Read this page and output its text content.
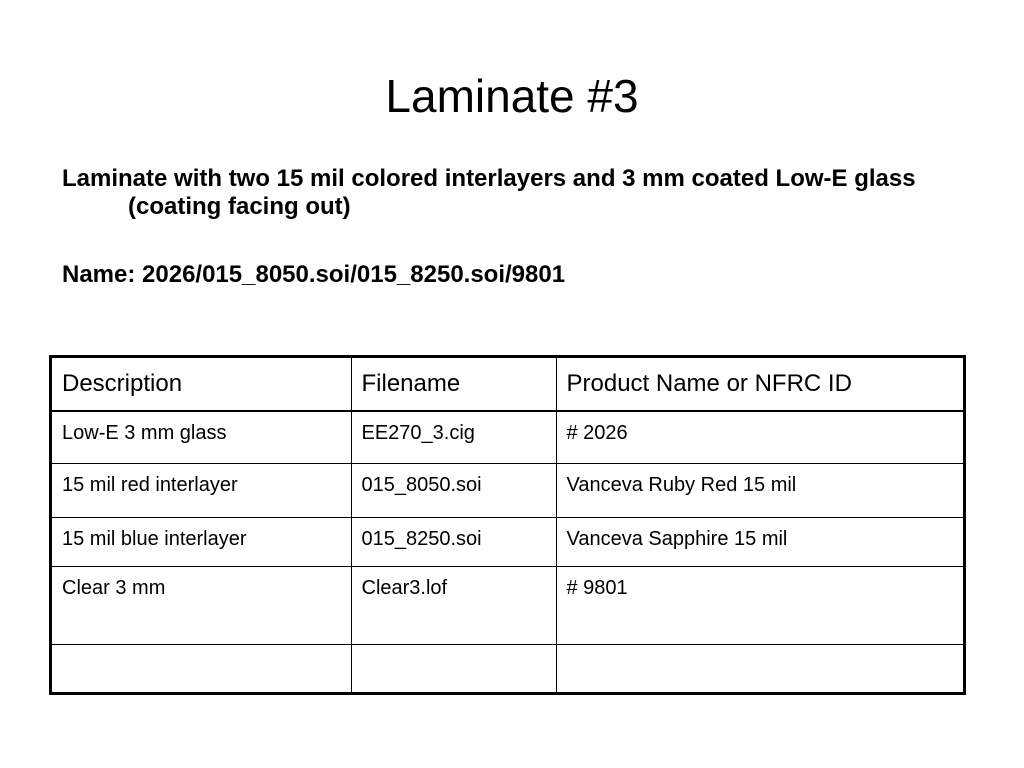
Laminate #3

Laminate with two 15 mil colored interlayers and 3 mm coated Low-E glass (coating facing out)

Name: 2026/015_8050.soi/015_8250.soi/9801

Description	Filename	Product Name or NFRC ID
Low-E 3 mm glass	EE270_3.cig	# 2026
15 mil red interlayer	015_8050.soi	Vanceva Ruby Red 15 mil
15 mil blue interlayer	015_8250.soi	Vanceva Sapphire 15 mil
Clear 3 mm	Clear3.lof	# 9801
